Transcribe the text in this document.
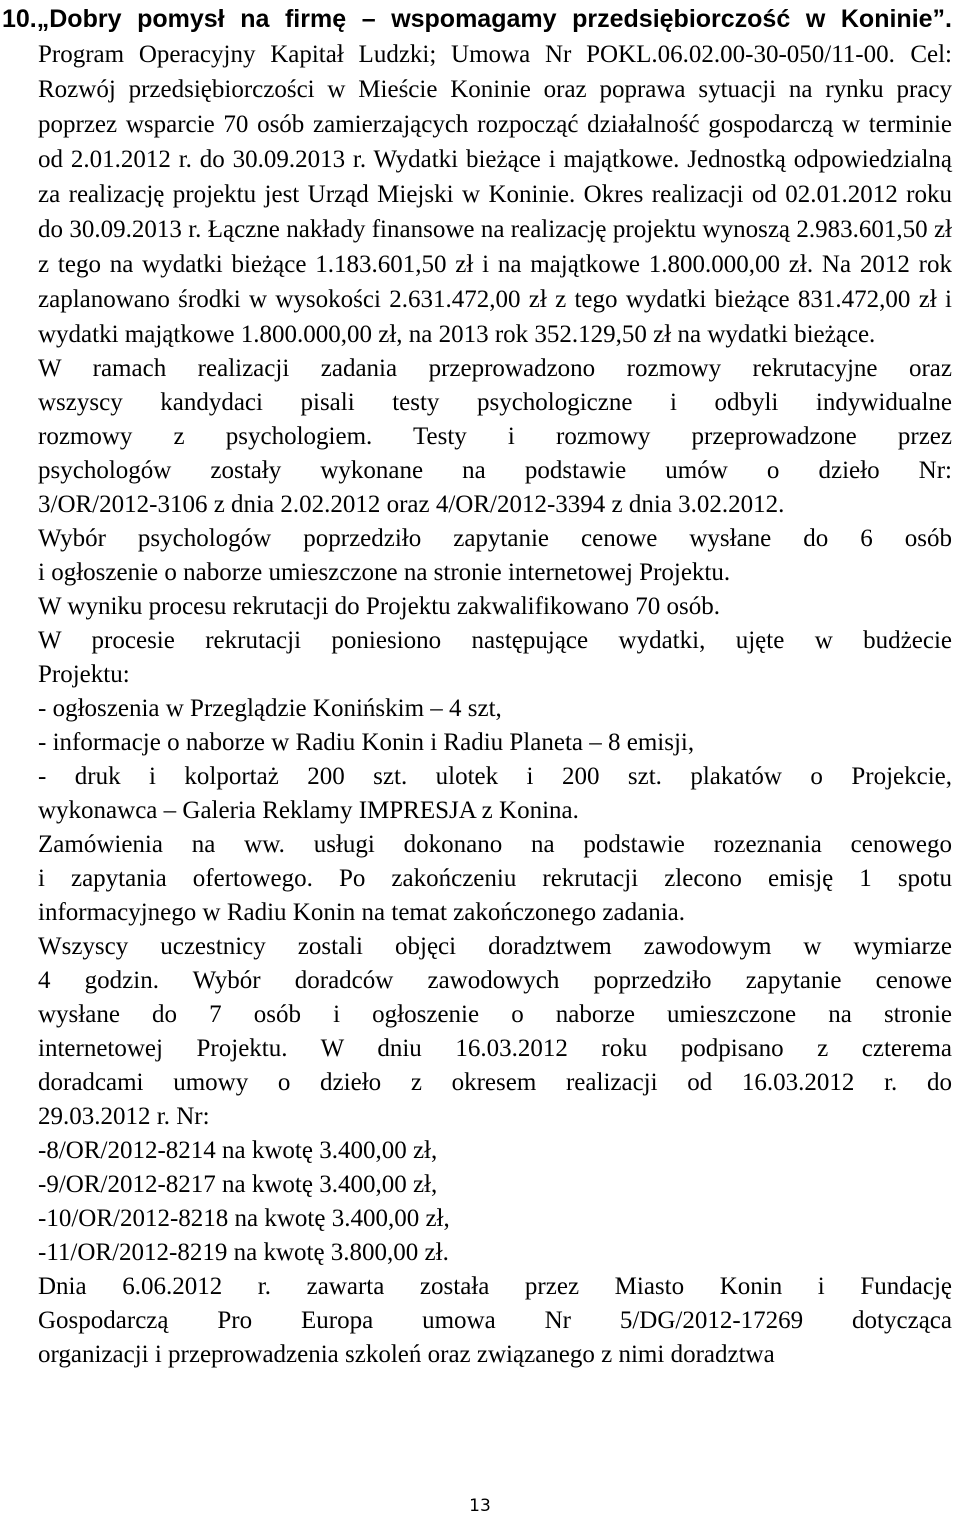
10.„Dobry pomysł na firmę – wspomagamy przedsiębiorczość w Koninie”. Program Operacyjny Kapitał Ludzki; Umowa Nr POKL.06.02.00-30-050/11-00. Cel: Rozwój przedsiębiorczości w Mieście Koninie oraz poprawa sytuacji na rynku pracy poprzez wsparcie 70 osób zamierzających rozpocząć działalność gospodarczą w terminie od 2.01.2012 r. do 30.09.2013 r. Wydatki bieżące i majątkowe. Jednostką odpowiedzialną za realizację projektu jest Urząd Miejski w Koninie. Okres realizacji od 02.01.2012 roku do 30.09.2013 r. Łączne nakłady finansowe na realizację projektu wynoszą 2.983.601,50 zł z tego na wydatki bieżące 1.183.601,50 zł i na majątkowe 1.800.000,00 zł. Na 2012 rok zaplanowano środki w wysokości 2.631.472,00 zł z tego wydatki bieżące 831.472,00 zł i wydatki majątkowe 1.800.000,00 zł, na 2013 rok 352.129,50 zł na wydatki bieżące.

W ramach realizacji zadania przeprowadzono rozmowy rekrutacyjne oraz
wszyscy kandydaci pisali testy psychologiczne i odbyli indywidualne
rozmowy z psychologiem. Testy i rozmowy przeprowadzone przez
psychologów zostały wykonane na podstawie umów o dzieło Nr:
3/OR/2012-3106 z dnia 2.02.2012 oraz 4/OR/2012-3394 z dnia 3.02.2012.

Wybór psychologów poprzedziło zapytanie cenowe wysłane do 6 osób
i ogłoszenie o naborze umieszczone na stronie internetowej Projektu.

W wyniku procesu rekrutacji do Projektu zakwalifikowano 70 osób.

W procesie rekrutacji poniesiono następujące wydatki, ujęte w budżecie
Projektu:

- ogłoszenia w Przeglądzie Konińskim – 4 szt,

- informacje o naborze w Radiu Konin i Radiu Planeta – 8 emisji,

- druk i kolportaż 200 szt. ulotek i 200 szt. plakatów o Projekcie,
wykonawca – Galeria Reklamy IMPRESJA z Konina.

Zamówienia na ww. usługi dokonano na podstawie rozeznania cenowego
i zapytania ofertowego. Po zakończeniu rekrutacji zlecono emisję 1 spotu
informacyjnego w Radiu Konin na temat zakończonego zadania.

Wszyscy uczestnicy zostali objęci doradztwem zawodowym w wymiarze
4 godzin. Wybór doradców zawodowych poprzedziło zapytanie cenowe
wysłane do 7 osób i ogłoszenie o naborze umieszczone na stronie
internetowej Projektu. W dniu 16.03.2012 roku podpisano z czterema
doradcami umowy o dzieło z okresem realizacji od 16.03.2012 r. do
29.03.2012 r. Nr:

-8/OR/2012-8214 na kwotę 3.400,00 zł,

-9/OR/2012-8217 na kwotę 3.400,00 zł,

-10/OR/2012-8218 na kwotę 3.400,00 zł,

-11/OR/2012-8219 na kwotę 3.800,00 zł.

Dnia 6.06.2012 r. zawarta została przez Miasto Konin i Fundację
Gospodarczą Pro Europa umowa Nr 5/DG/2012-17269 dotycząca
organizacji i przeprowadzenia szkoleń oraz związanego z nimi doradztwa

13
